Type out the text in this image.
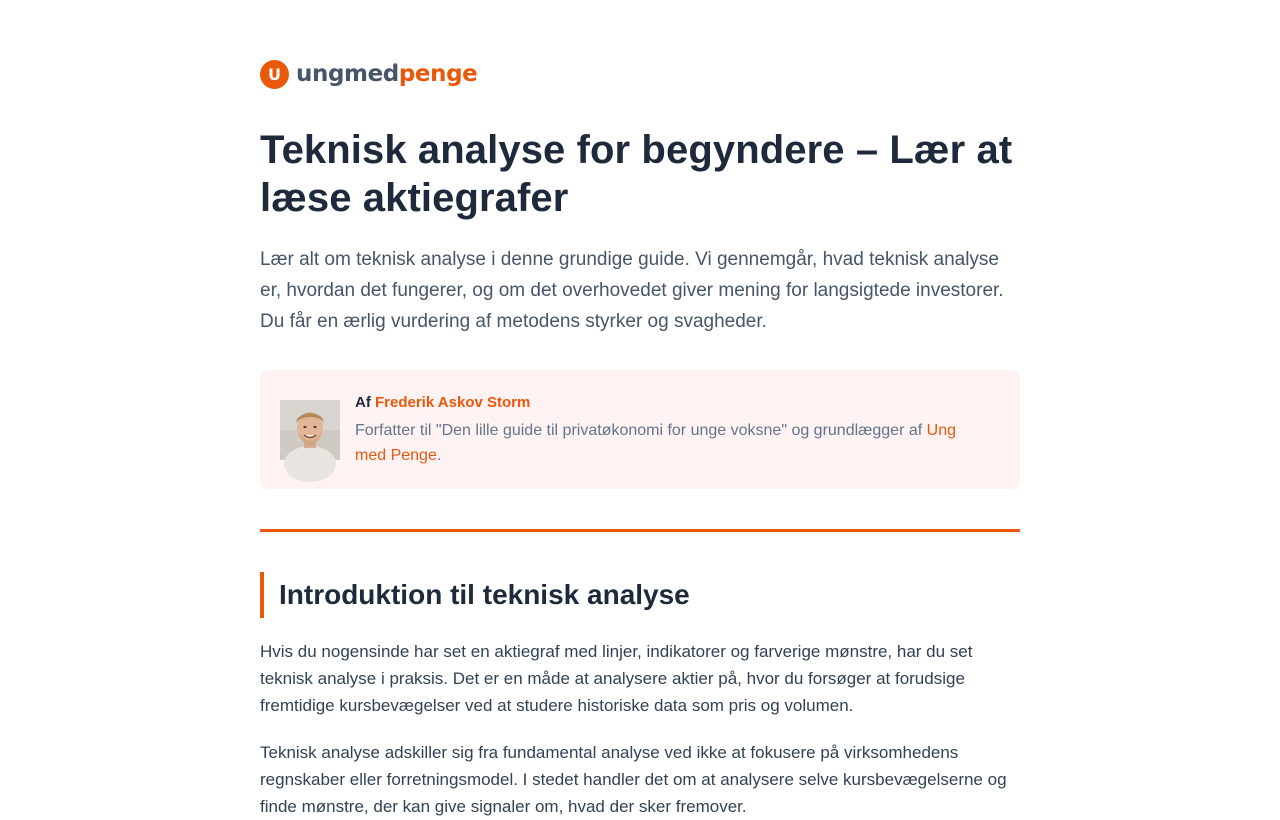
U ungmedpenge
Teknisk analyse for begyndere – Lær at læse aktiegrafer

Lær alt om teknisk analyse i denne grundige guide. Vi gennemgår, hvad teknisk analyse er, hvordan det fungerer, og om det overhovedet giver mening for langsigtede investorer. Du får en ærlig vurdering af metodens styrker og svagheder.

Af Frederik Askov Storm
Forfatter til "Den lille guide til privatøkonomi for unge voksne" og grundlægger af Ung med Penge.
Introduktion til teknisk analyse

Hvis du nogensinde har set en aktiegraf med linjer, indikatorer og farverige mønstre, har du set teknisk analyse i praksis. Det er en måde at analysere aktier på, hvor du forsøger at forudsige fremtidige kursbevægelser ved at studere historiske data som pris og volumen.

Teknisk analyse adskiller sig fra fundamental analyse ved ikke at fokusere på virksomhedens regnskaber eller forretningsmodel. I stedet handler det om at analysere selve kursbevægelserne og finde mønstre, der kan give signaler om, hvad der sker fremover.
